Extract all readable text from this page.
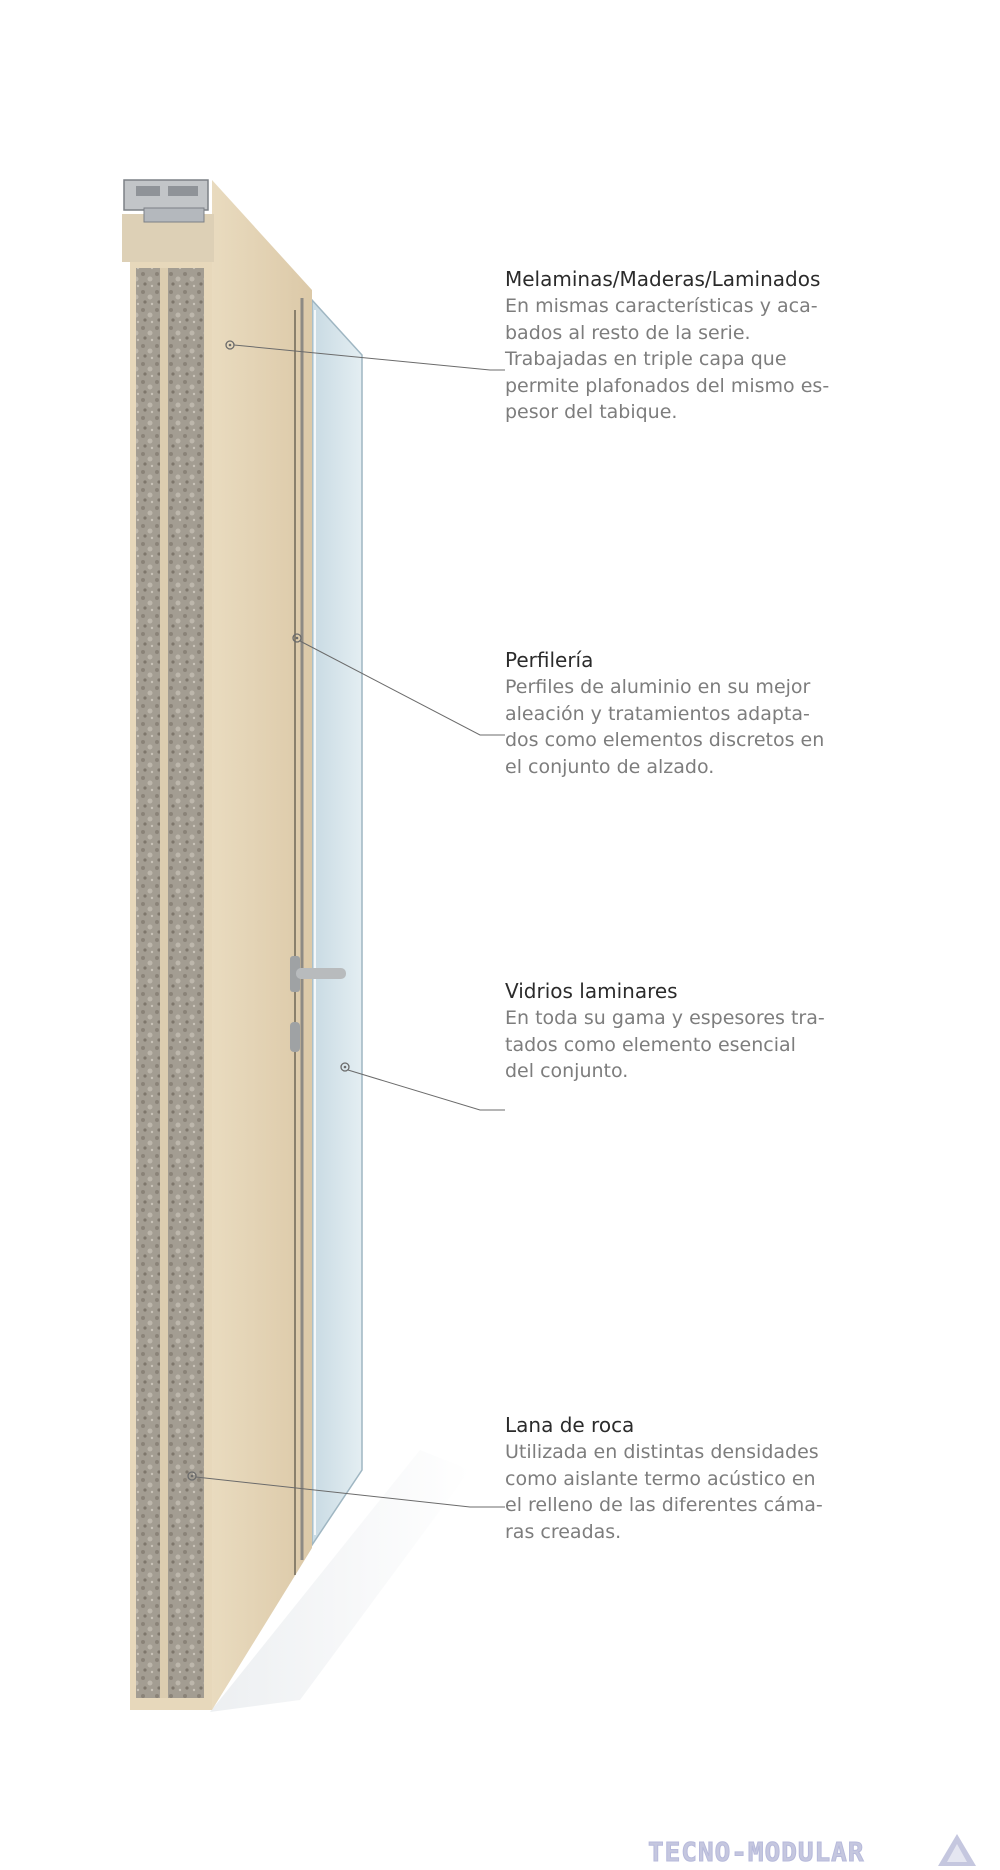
Melaminas/Maderas/Laminados
En mismas características y aca-
bados al resto de la serie.
Trabajadas en triple capa que
permite plafonados del mismo es-
pesor del tabique.
Perfilería
Perfiles de aluminio en su mejor
aleación y tratamientos adapta-
dos como elementos discretos en
el conjunto de alzado.
Vidrios laminares
En toda su gama y espesores tra-
tados como elemento esencial
del conjunto.
Lana de roca
Utilizada en distintas densidades
como aislante termo acústico en
el relleno de las diferentes cáma-
ras creadas.
TECNO-MODULAR
